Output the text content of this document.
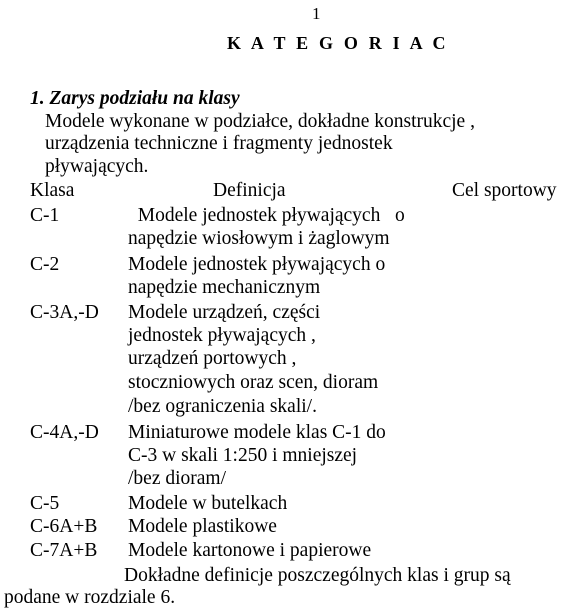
1
K A T E G O R I A C
1. Zarys podziału na klasy
Modele wykonane w podziałce, dokładne konstrukcje ,
urządzenia techniczne i fragmenty jednostek
pływających.
Klasa	Definicja	Cel sportowy
C-1	Modele jednostek pływających   o
napędzie wiosłowym i żaglowym
C-2	Modele jednostek pływających o
napędzie mechanicznym
C-3A,-D Modele urządzeń, części
jednostek pływających ,
urządzeń portowych ,
stoczniowych oraz scen, dioram
/bez ograniczenia skali/.
C-4A,-D Miniaturowe modele klas C-1 do
C-3 w skali 1:250 i mniejszej
/bez dioram/
C-5	Modele w butelkach
C-6A+B Modele plastikowe
C-7A+B Modele kartonowe i papierowe
Dokładne definicje poszczególnych klas i grup są
podane w rozdziale 6.
